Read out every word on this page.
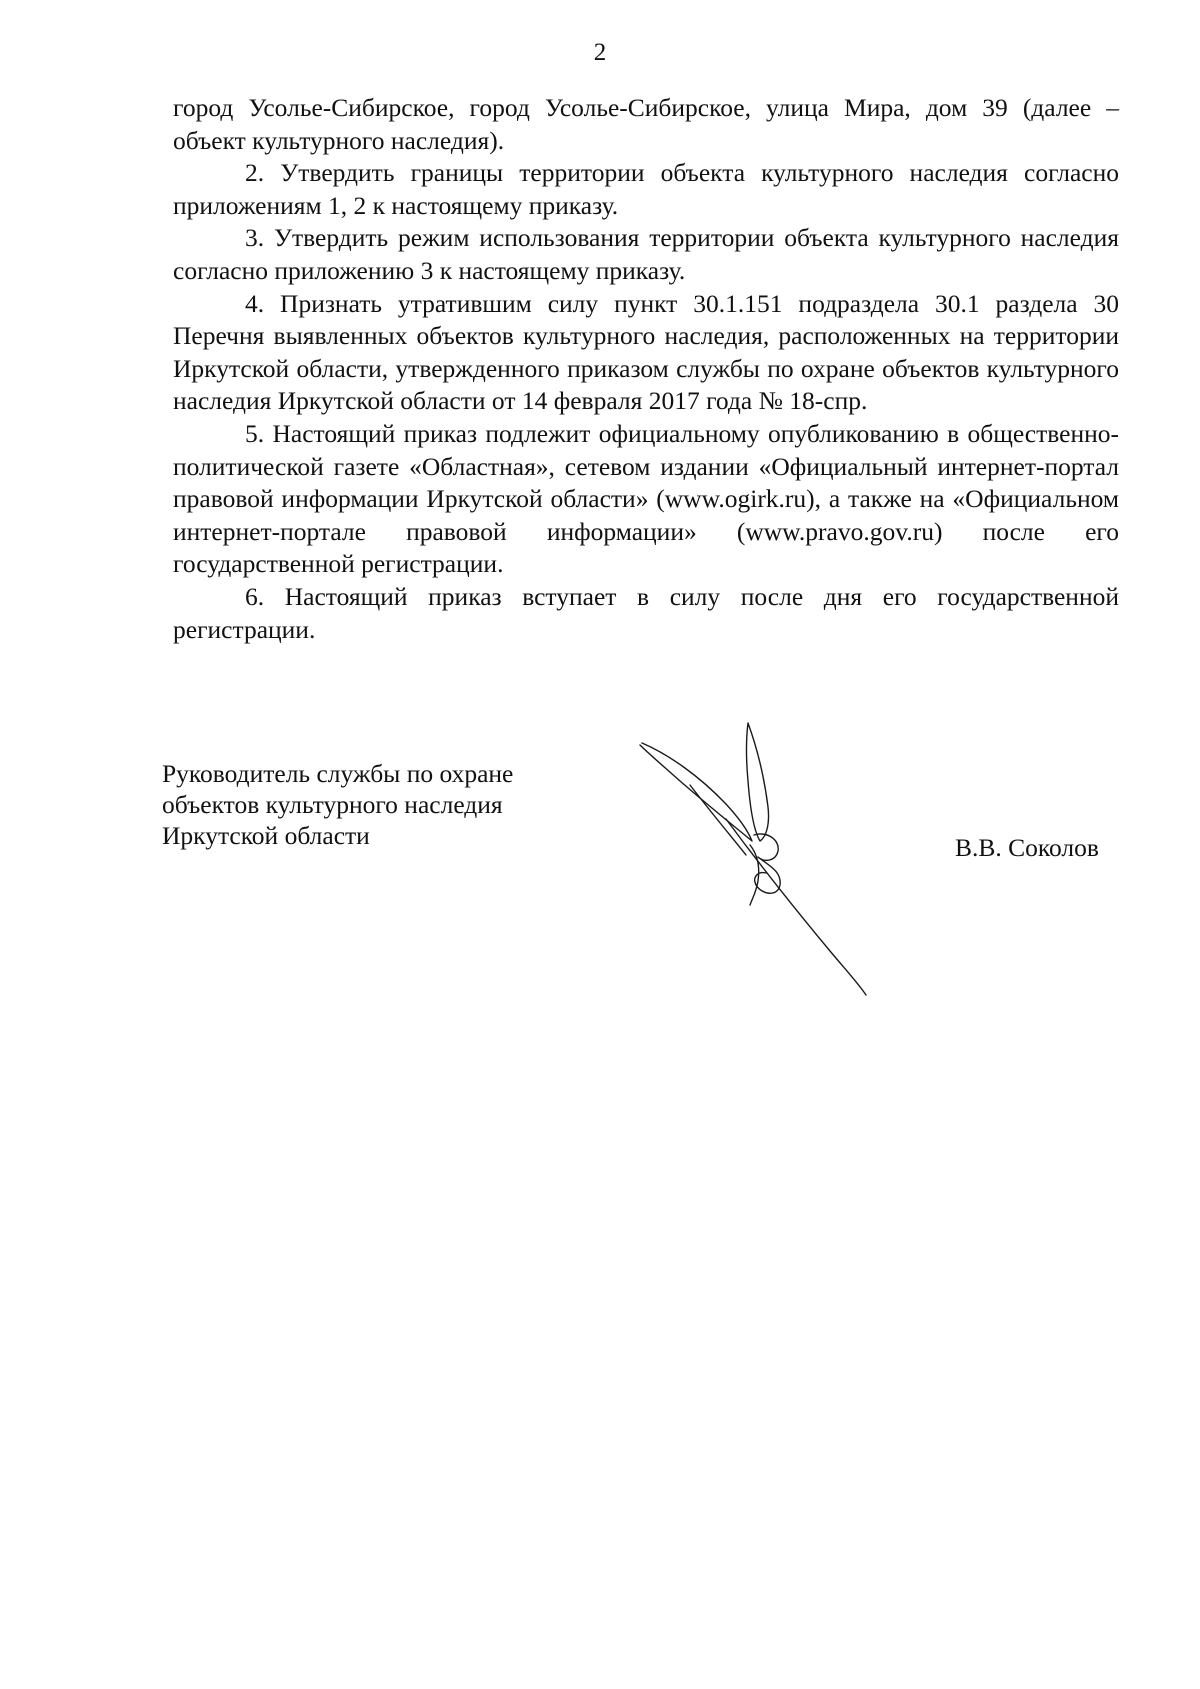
2

город Усолье-Сибирское, город Усолье-Сибирское, улица Мира, дом 39 (далее – объект культурного наследия).

2. Утвердить границы территории объекта культурного наследия согласно приложениям 1, 2 к настоящему приказу.

3. Утвердить режим использования территории объекта культурного наследия согласно приложению 3 к настоящему приказу.

4. Признать утратившим силу пункт 30.1.151 подраздела 30.1 раздела 30 Перечня выявленных объектов культурного наследия, расположенных на территории Иркутской области, утвержденного приказом службы по охране объектов культурного наследия Иркутской области от 14 февраля 2017 года № 18-спр.

5. Настоящий приказ подлежит официальному опубликованию в общественно-политической газете «Областная», сетевом издании «Официальный интернет-портал правовой информации Иркутской области» (www.ogirk.ru), а также на «Официальном интернет-портале правовой информации» (www.pravo.gov.ru) после его государственной регистрации.

6. Настоящий приказ вступает в силу после дня его государственной регистрации.

Руководитель службы по охране
объектов культурного наследия
Иркутской области	В.В. Соколов
